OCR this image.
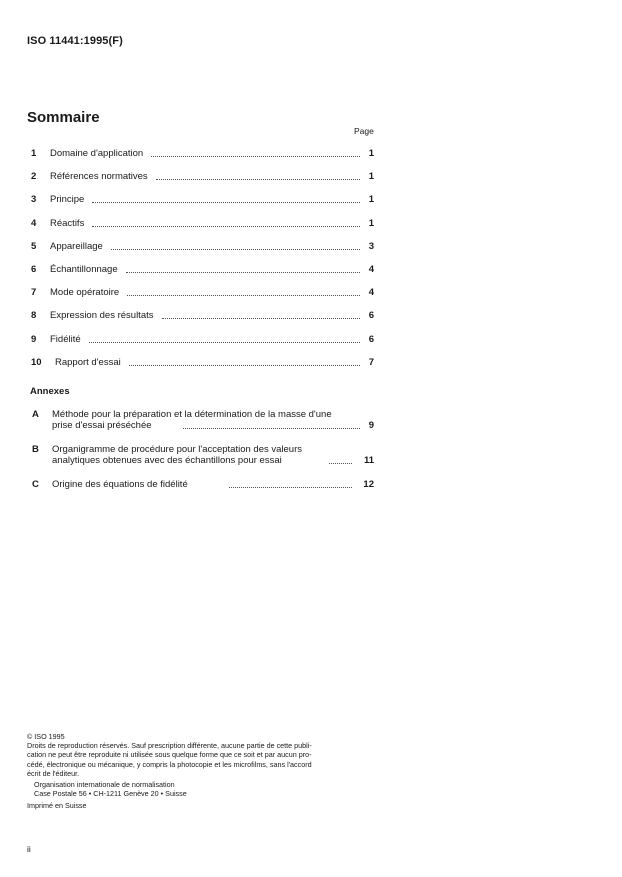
ISO 11441:1995(F)
Sommaire
Page
1 Domaine d'application	1
2 Références normatives	1
3 Principe	1
4 Réactifs	1
5 Appareillage	3
6 Échantillonnage	4
7 Mode opératoire	4
8 Expression des résultats	6
9 Fidélité	6
10 Rapport d'essai	7
Annexes
A Méthode pour la préparation et la détermination de la masse d'une
prise d'essai préséchée	9
B Organigramme de procédure pour l'acceptation des valeurs
analytiques obtenues avec des échantillons pour essai	11
C Origine des équations de fidélité	12
© ISO 1995
Droits de reproduction réservés. Sauf prescription différente, aucune partie de cette publi-
cation ne peut être reproduite ni utilisée sous quelque forme que ce soit et par aucun pro-
cédé, électronique ou mécanique, y compris la photocopie et les microfilms, sans l'accord
écrit de l'éditeur.
Organisation internationale de normalisation
Case Postale 56 • CH-1211 Genève 20 • Suisse
Imprimé en Suisse
ii
